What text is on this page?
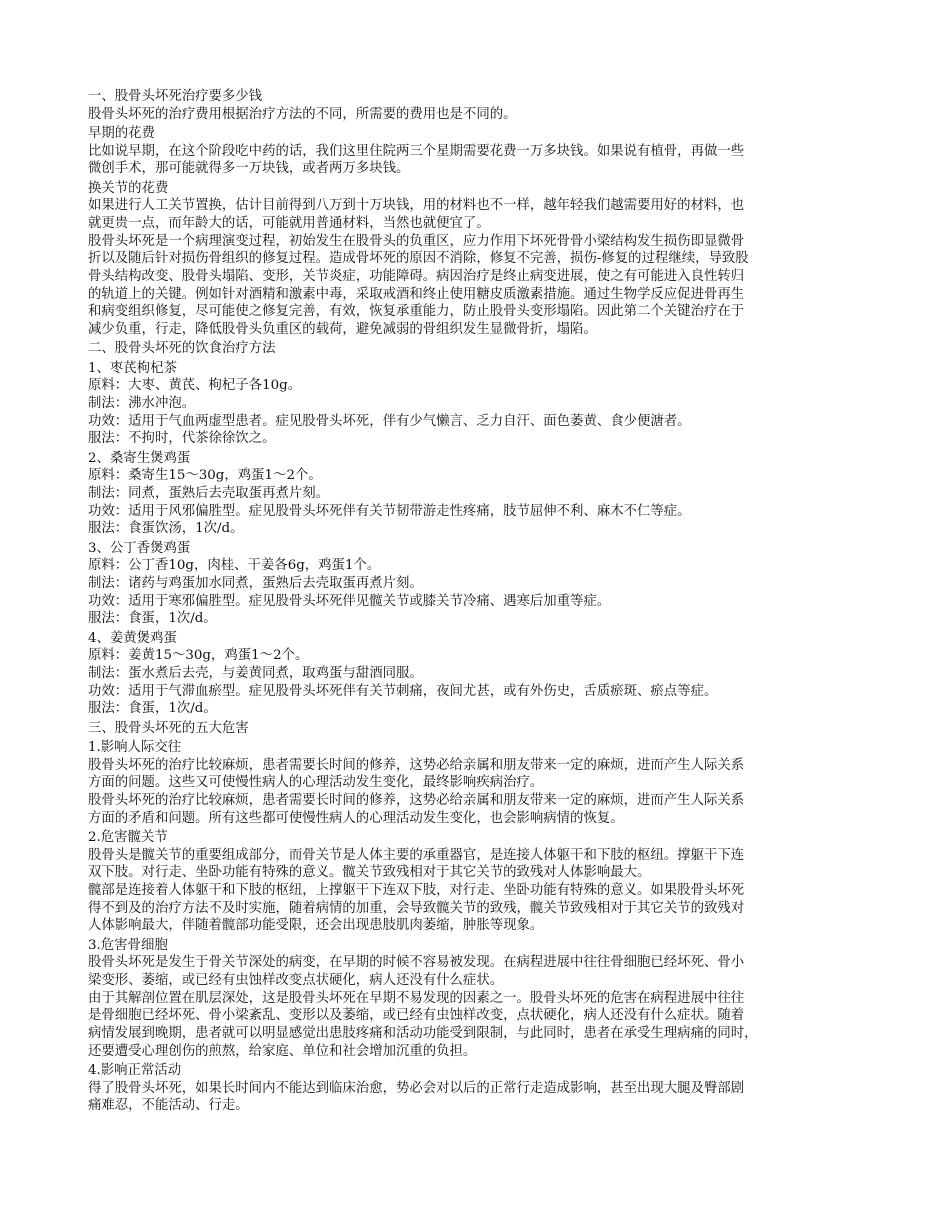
一、股骨头坏死治疗要多少钱
股骨头坏死的治疗费用根据治疗方法的不同，所需要的费用也是不同的。
早期的花费
比如说早期，在这个阶段吃中药的话，我们这里住院两三个星期需要花费一万多块钱。如果说有植骨，再做一些
微创手术，那可能就得多一万块钱，或者两万多块钱。
换关节的花费
如果进行人工关节置换，估计目前得到八万到十万块钱，用的材料也不一样，越年轻我们越需要用好的材料，也
就更贵一点，而年龄大的话，可能就用普通材料，当然也就便宜了。
股骨头坏死是一个病理演变过程，初始发生在股骨头的负重区，应力作用下坏死骨骨小梁结构发生损伤即显微骨
折以及随后针对损伤骨组织的修复过程。造成骨坏死的原因不消除，修复不完善，损伤-修复的过程继续，导致股
骨头结构改变、股骨头塌陷、变形，关节炎症，功能障碍。病因治疗是终止病变进展，使之有可能进入良性转归
的轨道上的关键。例如针对酒精和激素中毒，采取戒酒和终止使用糖皮质激素措施。通过生物学反应促进骨再生
和病变组织修复，尽可能使之修复完善，有效，恢复承重能力，防止股骨头变形塌陷。因此第二个关键治疗在于
减少负重，行走，降低股骨头负重区的载荷，避免减弱的骨组织发生显微骨折，塌陷。
二、股骨头坏死的饮食治疗方法
1、枣芪枸杞茶
原料：大枣、黄芪、枸杞子各10g。
制法：沸水冲泡。
功效：适用于气血两虚型患者。症见股骨头坏死，伴有少气懒言、乏力自汗、面色萎黄、食少便溏者。
服法：不拘时，代茶徐徐饮之。
2、桑寄生煲鸡蛋
原料：桑寄生15～30g，鸡蛋1～2个。
制法：同煮，蛋熟后去壳取蛋再煮片刻。
功效：适用于风邪偏胜型。症见股骨头坏死伴有关节韧带游走性疼痛，肢节屈伸不利、麻木不仁等症。
服法：食蛋饮汤，1次/d。
3、公丁香煲鸡蛋
原料：公丁香10g，肉桂、干姜各6g，鸡蛋1个。
制法：诸药与鸡蛋加水同煮，蛋熟后去壳取蛋再煮片刻。
功效：适用于寒邪偏胜型。症见股骨头坏死伴见髋关节或膝关节冷痛、遇寒后加重等症。
服法：食蛋，1次/d。
4、姜黄煲鸡蛋
原料：姜黄15～30g，鸡蛋1～2个。
制法：蛋水煮后去壳，与姜黄同煮，取鸡蛋与甜酒同服。
功效：适用于气滞血瘀型。症见股骨头坏死伴有关节刺痛，夜间尤甚，或有外伤史，舌质瘀斑、瘀点等症。
服法：食蛋，1次/d。
三、股骨头坏死的五大危害
1.影响人际交往
股骨头坏死的治疗比较麻烦，患者需要长时间的修养，这势必给亲属和朋友带来一定的麻烦，进而产生人际关系
方面的问题。这些又可使慢性病人的心理活动发生变化，最终影响疾病治疗。
股骨头坏死的治疗比较麻烦，患者需要长时间的修养，这势必给亲属和朋友带来一定的麻烦，进而产生人际关系
方面的矛盾和问题。所有这些都可使慢性病人的心理活动发生变化，也会影响病情的恢复。
2.危害髋关节
股骨头是髋关节的重要组成部分，而骨关节是人体主要的承重器官，是连接人体躯干和下肢的枢纽。撑躯干下连
双下肢。对行走、坐卧功能有特殊的意义。髋关节致残相对于其它关节的致残对人体影响最大。
髋部是连接着人体躯干和下肢的枢纽，上撑躯干下连双下肢，对行走、坐卧功能有特殊的意义。如果股骨头坏死
得不到及的治疗方法不及时实施，随着病情的加重，会导致髋关节的致残，髋关节致残相对于其它关节的致残对
人体影响最大，伴随着髋部功能受限，还会出现患肢肌肉萎缩，肿胀等现象。
3.危害骨细胞
股骨头坏死是发生于骨关节深处的病变，在早期的时候不容易被发现。在病程进展中往往骨细胞已经坏死、骨小
梁变形、萎缩，或已经有虫蚀样改变点状硬化，病人还没有什么症状。
由于其解剖位置在肌层深处，这是股骨头坏死在早期不易发现的因素之一。股骨头坏死的危害在病程进展中往往
是骨细胞已经坏死、骨小梁紊乱、变形以及萎缩，或已经有虫蚀样改变，点状硬化，病人还没有什么症状。随着
病情发展到晚期，患者就可以明显感觉出患肢疼痛和活动功能受到限制，与此同时，患者在承受生理病痛的同时，
还要遭受心理创伤的煎熬，给家庭、单位和社会增加沉重的负担。
4.影响正常活动
得了股骨头坏死，如果长时间内不能达到临床治愈，势必会对以后的正常行走造成影响，甚至出现大腿及臀部剧
痛难忍，不能活动、行走。
